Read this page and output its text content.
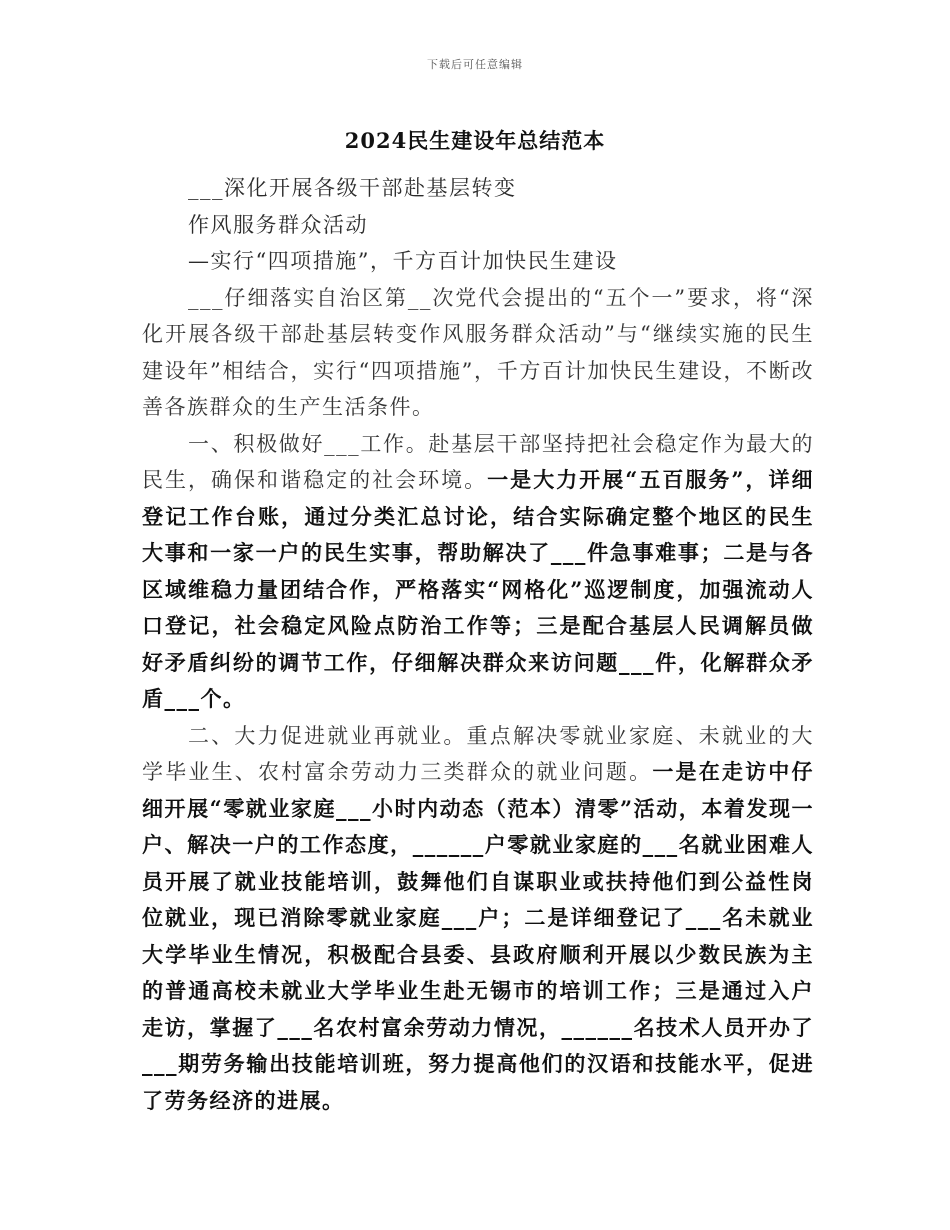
下载后可任意编辑
2024民生建设年总结范本
___深化开展各级干部赴基层转变
作风服务群众活动
—实行“四项措施”，千方百计加快民生建设

___仔细落实自治区第__次党代会提出的“五个一”要求，将“深化开展各级干部赴基层转变作风服务群众活动”与“继续实施的民生建设年”相结合，实行“四项措施”，千方百计加快民生建设，不断改善各族群众的生产生活条件。

一、积极做好___工作。赴基层干部坚持把社会稳定作为最大的民生，确保和谐稳定的社会环境。一是大力开展“五百服务”，详细登记工作台账，通过分类汇总讨论，结合实际确定整个地区的民生大事和一家一户的民生实事，帮助解决了___件急事难事；二是与各区域维稳力量团结合作，严格落实“网格化”巡逻制度，加强流动人口登记，社会稳定风险点防治工作等；三是配合基层人民调解员做好矛盾纠纷的调节工作，仔细解决群众来访问题___件，化解群众矛盾___个。

二、大力促进就业再就业。重点解决零就业家庭、未就业的大学毕业生、农村富余劳动力三类群众的就业问题。一是在走访中仔细开展“零就业家庭___小时内动态（范本）清零”活动，本着发现一户、解决一户的工作态度，______户零就业家庭的___名就业困难人员开展了就业技能培训，鼓舞他们自谋职业或扶持他们到公益性岗位就业，现已消除零就业家庭___户；二是详细登记了___名未就业大学毕业生情况，积极配合县委、县政府顺利开展以少数民族为主的普通高校未就业大学毕业生赴无锡市的培训工作；三是通过入户走访，掌握了___名农村富余劳动力情况，______名技术人员开办了___期劳务输出技能培训班，努力提高他们的汉语和技能水平，促进了劳务经济的进展。
